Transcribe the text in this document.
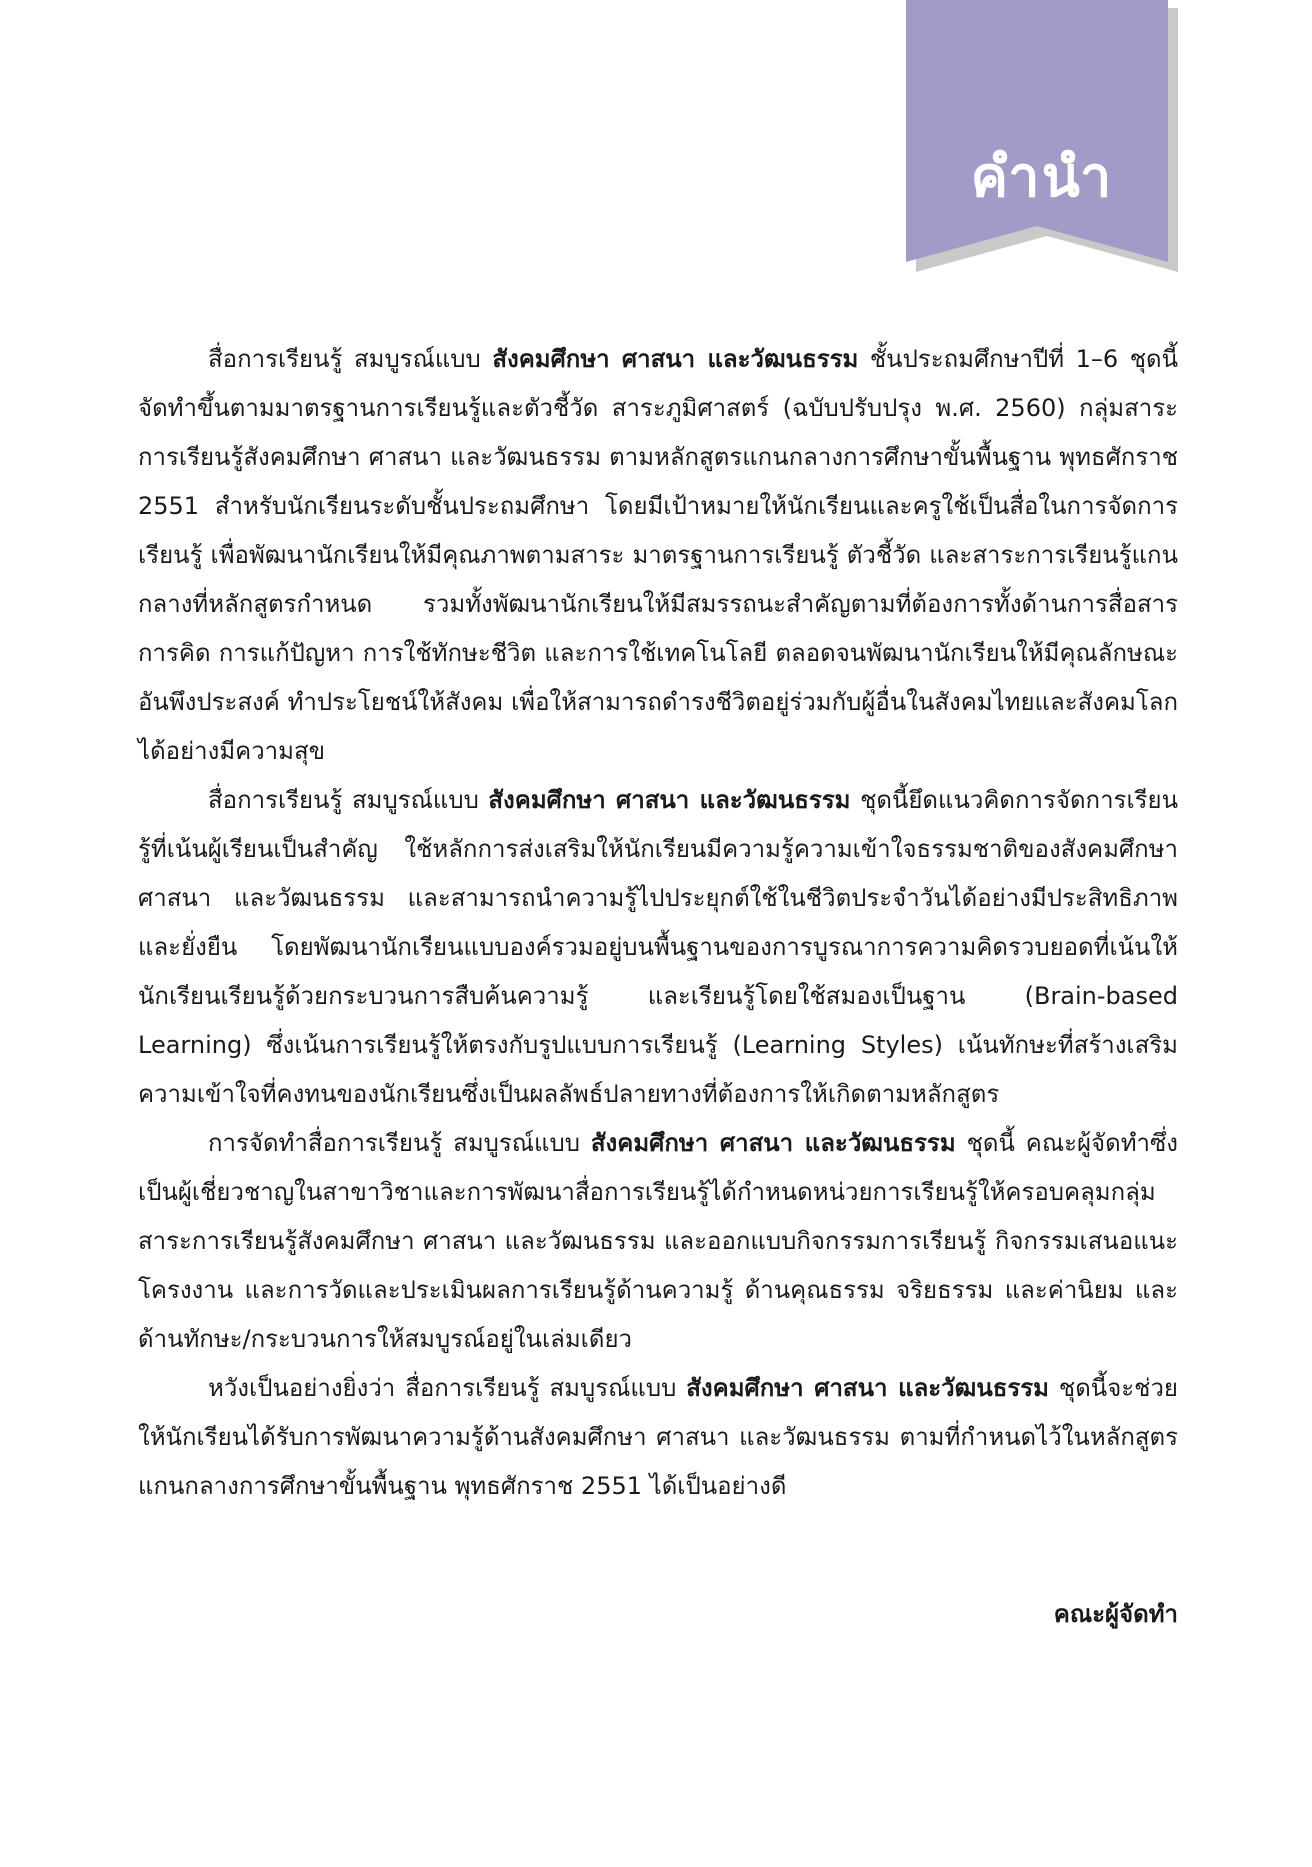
คำนำ

สื่อการเรียนรู้ สมบูรณ์แบบ สังคมศึกษา ศาสนา และวัฒนธรรม ชั้นประถมศึกษาปีที่ 1–6 ชุดนี้จัดทำขึ้นตามมาตรฐานการเรียนรู้และตัวชี้วัด สาระภูมิศาสตร์ (ฉบับปรับปรุง พ.ศ. 2560) กลุ่มสาระการเรียนรู้สังคมศึกษา ศาสนา และวัฒนธรรม ตามหลักสูตรแกนกลางการศึกษาขั้นพื้นฐาน พุทธศักราช 2551 สำหรับนักเรียนระดับชั้นประถมศึกษา โดยมีเป้าหมายให้นักเรียนและครูใช้เป็นสื่อในการจัดการเรียนรู้ เพื่อพัฒนานักเรียนให้มีคุณภาพตามสาระ มาตรฐานการเรียนรู้ ตัวชี้วัด และสาระการเรียนรู้แกนกลางที่หลักสูตรกำหนด รวมทั้งพัฒนานักเรียนให้มีสมรรถนะสำคัญตามที่ต้องการทั้งด้านการสื่อสาร การคิด การแก้ปัญหา การใช้ทักษะชีวิต และการใช้เทคโนโลยี ตลอดจนพัฒนานักเรียนให้มีคุณลักษณะอันพึงประสงค์ ทำประโยชน์ให้สังคม เพื่อให้สามารถดำรงชีวิตอยู่ร่วมกับผู้อื่นในสังคมไทยและสังคมโลกได้อย่างมีความสุข

สื่อการเรียนรู้ สมบูรณ์แบบ สังคมศึกษา ศาสนา และวัฒนธรรม ชุดนี้ยึดแนวคิดการจัดการเรียนรู้ที่เน้นผู้เรียนเป็นสำคัญ ใช้หลักการส่งเสริมให้นักเรียนมีความรู้ความเข้าใจธรรมชาติของสังคมศึกษา ศาสนา และวัฒนธรรม และสามารถนำความรู้ไปประยุกต์ใช้ในชีวิตประจำวันได้อย่างมีประสิทธิภาพและยั่งยืน โดยพัฒนานักเรียนแบบองค์รวมอยู่บนพื้นฐานของการบูรณาการความคิดรวบยอดที่เน้นให้นักเรียนเรียนรู้ด้วยกระบวนการสืบค้นความรู้ และเรียนรู้โดยใช้สมองเป็นฐาน (Brain-based Learning) ซึ่งเน้นการเรียนรู้ให้ตรงกับรูปแบบการเรียนรู้ (Learning Styles) เน้นทักษะที่สร้างเสริมความเข้าใจที่คงทนของนักเรียนซึ่งเป็นผลลัพธ์ปลายทางที่ต้องการให้เกิดตามหลักสูตร

การจัดทำสื่อการเรียนรู้ สมบูรณ์แบบ สังคมศึกษา ศาสนา และวัฒนธรรม ชุดนี้ คณะผู้จัดทำซึ่งเป็นผู้เชี่ยวชาญในสาขาวิชาและการพัฒนาสื่อการเรียนรู้ได้กำหนดหน่วยการเรียนรู้ให้ครอบคลุมกลุ่มสาระการเรียนรู้สังคมศึกษา ศาสนา และวัฒนธรรม และออกแบบกิจกรรมการเรียนรู้ กิจกรรมเสนอแนะ โครงงาน และการวัดและประเมินผลการเรียนรู้ด้านความรู้ ด้านคุณธรรม จริยธรรม และค่านิยม และด้านทักษะ/กระบวนการให้สมบูรณ์อยู่ในเล่มเดียว

หวังเป็นอย่างยิ่งว่า สื่อการเรียนรู้ สมบูรณ์แบบ สังคมศึกษา ศาสนา และวัฒนธรรม ชุดนี้จะช่วยให้นักเรียนได้รับการพัฒนาความรู้ด้านสังคมศึกษา ศาสนา และวัฒนธรรม ตามที่กำหนดไว้ในหลักสูตรแกนกลางการศึกษาขั้นพื้นฐาน พุทธศักราช 2551 ได้เป็นอย่างดี

คณะผู้จัดทำ
